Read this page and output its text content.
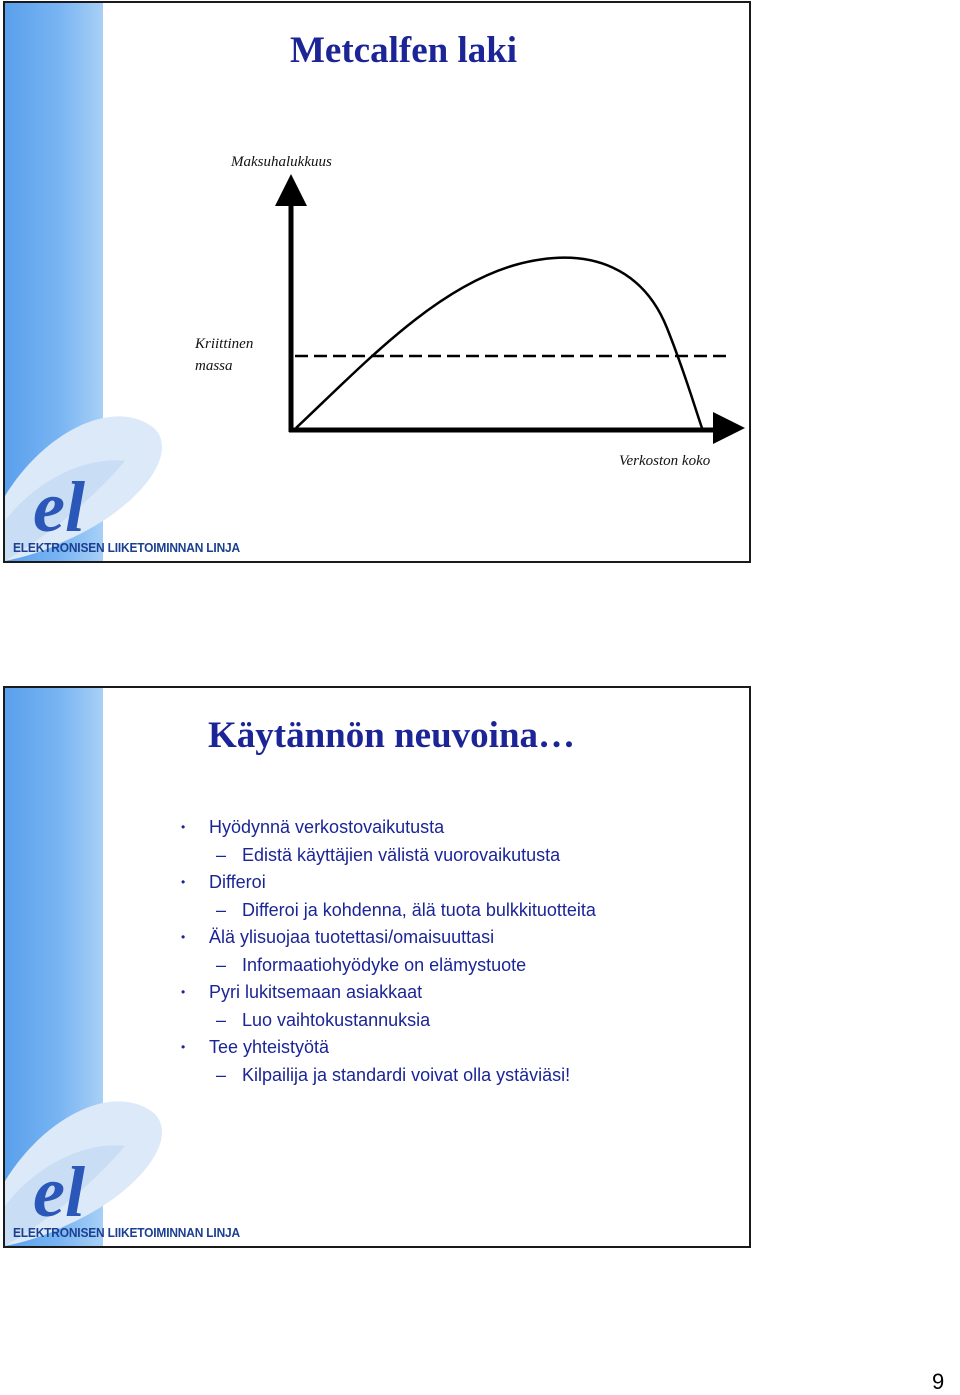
el
ELEKTRONISEN LIIKETOIMINNAN LINJA
Metcalfen laki
Maksuhalukkuus
Kriittinen massa
Verkoston koko
el
ELEKTRONISEN LIIKETOIMINNAN LINJA
Käytännön neuvoina…
• Hyödynnä verkostovaikutusta
– Edistä käyttäjien välistä vuorovaikutusta
• Differoi
– Differoi ja kohdenna, älä tuota bulkkituotteita
• Älä ylisuojaa tuotettasi/omaisuuttasi
– Informaatiohyödyke on elämystuote
• Pyri lukitsemaan asiakkaat
– Luo vaihtokustannuksia
• Tee yhteistyötä
– Kilpailija ja standardi voivat olla ystäviäsi!
9
